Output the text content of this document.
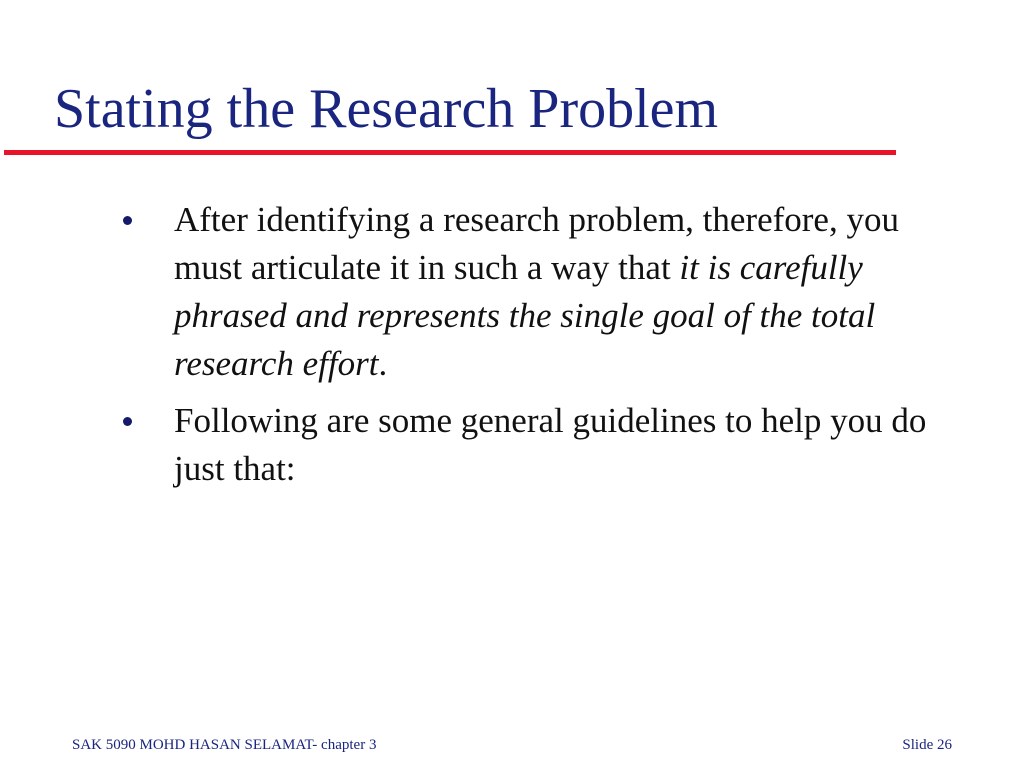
Stating the Research Problem
After identifying a research problem, therefore, you must articulate it in such a way that it is carefully phrased and represents the single goal of the total research effort.
Following are some general guidelines to help you do just that:
SAK 5090 MOHD HASAN SELAMAT- chapter 3	Slide 26
